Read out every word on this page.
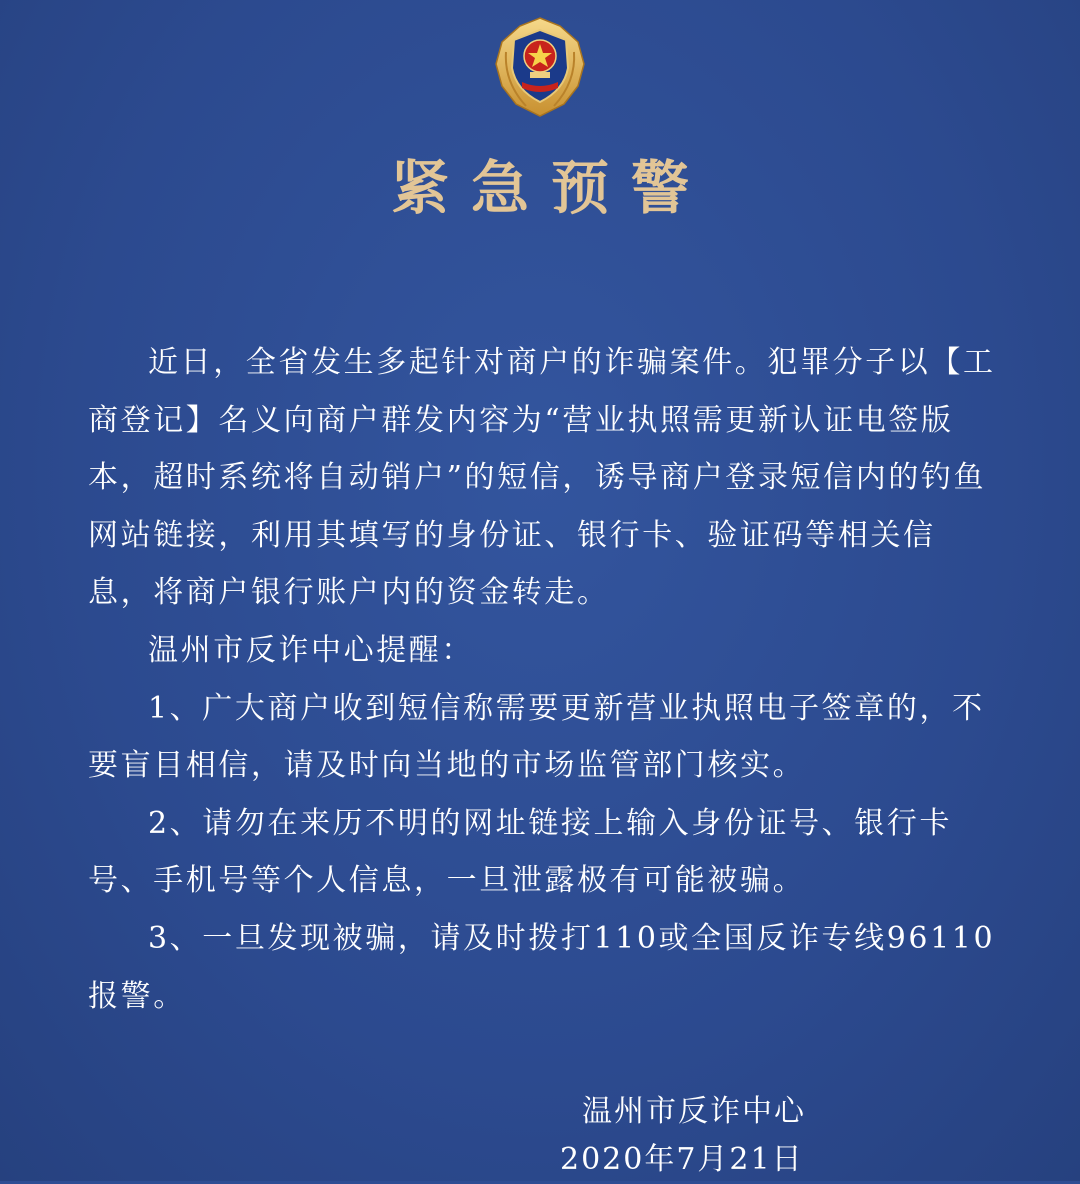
紧急预警

近日，全省发生多起针对商户的诈骗案件。犯罪分子以【工商登记】名义向商户群发内容为“营业执照需更新认证电签版本，超时系统将自动销户”的短信，诱导商户登录短信内的钓鱼网站链接，利用其填写的身份证、银行卡、验证码等相关信息，将商户银行账户内的资金转走。

温州市反诈中心提醒：

1、广大商户收到短信称需要更新营业执照电子签章的，不要盲目相信，请及时向当地的市场监管部门核实。

2、请勿在来历不明的网址链接上输入身份证号、银行卡号、手机号等个人信息，一旦泄露极有可能被骗。

3、一旦发现被骗，请及时拨打110或全国反诈专线96110报警。

温州市反诈中心
2020年7月21日
